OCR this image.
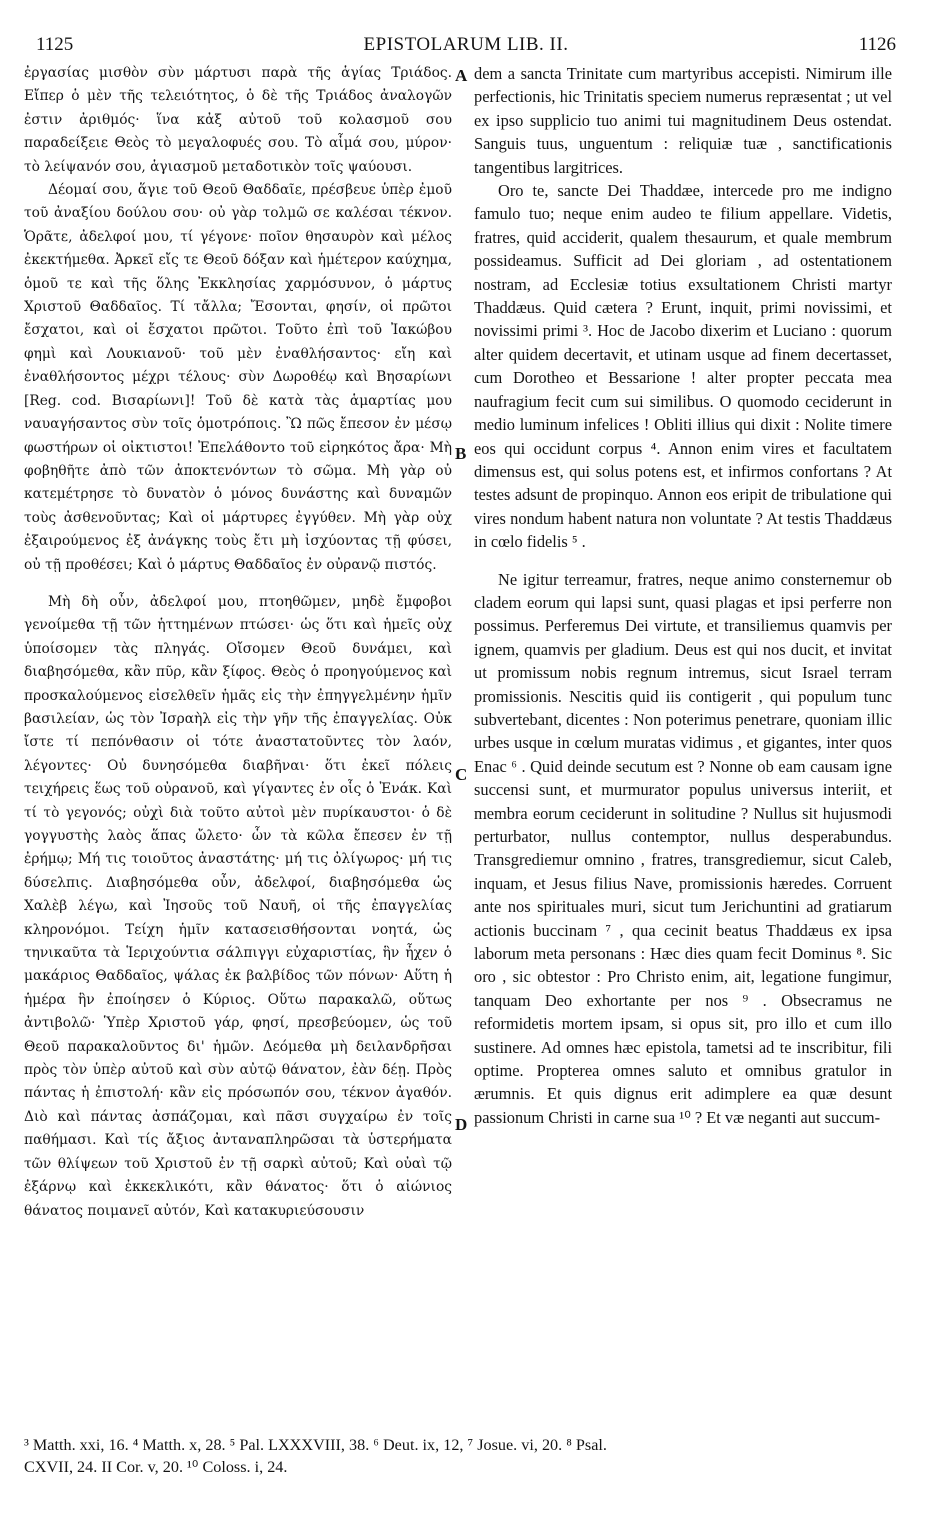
1125	EPISTOLARUM LIB. II.	1126

ἐργασίας μισθὸν σὺν μάρτυσι παρὰ τῆς ἁγίας Τριάδος. Εἴπερ ὁ μὲν τῆς τελειότητος, ὁ δὲ τῆς Τριάδος ἀναλογῶν ἐστιν ἀριθμός· ἵνα κἀξ αὐτοῦ τοῦ κολασμοῦ σου παραδείξειε Θεὸς τὸ μεγαλοφυές σου. Τὸ αἷμά σου, μύρον· τὸ λείψανόν σου, ἁγιασμοῦ μεταδοτικὸν τοῖς ψαύουσι.

Δέομαί σου, ἅγιε τοῦ Θεοῦ Θαδδαῖε, πρέσβευε ὑπὲρ ἐμοῦ τοῦ ἀναξίου δούλου σου· οὐ γὰρ τολμῶ σε καλέσαι τέκνον. Ὁρᾶτε, ἀδελφοί μου, τί γέγονε· ποῖον θησαυρὸν καὶ μέλος ἐκεκτήμεθα. Ἀρκεῖ εἴς τε Θεοῦ δόξαν καὶ ἡμέτερον καύχημα, ὁμοῦ τε καὶ τῆς ὅλης Ἐκκλησίας χαρμόσυνον, ὁ μάρτυς Χριστοῦ Θαδδαῖος. Τί τἄλλα; Ἔσονται, φησίν, οἱ πρῶτοι ἔσχατοι, καὶ οἱ ἔσχατοι πρῶτοι. Τοῦτο ἐπὶ τοῦ Ἰακώβου φημὶ καὶ Λουκιανοῦ· τοῦ μὲν ἐναθλήσαντος· εἴη καὶ ἐναθλήσοντος μέχρι τέλους· σὺν Δωροθέῳ καὶ Βησαρίωνι [Reg. cod. Βισαρίωνι]! Τοῦ δὲ κατὰ τὰς ἁμαρτίας μου ναυαγήσαντος σὺν τοῖς ὁμοτρόποις. Ὢ πῶς ἔπεσον ἐν μέσῳ φωστήρων οἱ οἰκτιστοι! Ἐπελάθοντο τοῦ εἰρηκότος ἄρα· Μὴ φοβηθῆτε ἀπὸ τῶν ἀποκτενόντων τὸ σῶμα. Μὴ γὰρ οὐ κατεμέτρησε τὸ δυνατὸν ὁ μόνος δυνάστης καὶ δυναμῶν τοὺς ἀσθενοῦντας; Καὶ οἱ μάρτυρες ἐγγύθεν. Μὴ γὰρ οὐχ ἐξαιρούμενος ἐξ ἀνάγκης τοὺς ἔτι μὴ ἰσχύοντας τῇ φύσει, οὐ τῇ προθέσει; Καὶ ὁ μάρτυς Θαδδαῖος ἐν οὐρανῷ πιστός.

Μὴ δὴ οὖν, ἀδελφοί μου, πτοηθῶμεν, μηδὲ ἔμφοβοι γενοίμεθα τῇ τῶν ἡττημένων πτώσει· ὡς ὅτι καὶ ἡμεῖς οὐχ ὑποίσομεν τὰς πληγάς. Οἴσομεν Θεοῦ δυνάμει, καὶ διαβησόμεθα, κἂν πῦρ, κἂν ξίφος. Θεὸς ὁ προηγούμενος καὶ προσκαλούμενος εἰσελθεῖν ἡμᾶς εἰς τὴν ἐπηγγελμένην ἡμῖν βασιλείαν, ὡς τὸν Ἰσραὴλ εἰς τὴν γῆν τῆς ἐπαγγελίας. Οὐκ ἴστε τί πεπόνθασιν οἱ τότε ἀναστατοῦντες τὸν λαόν, λέγοντες· Οὐ δυνησόμεθα διαβῆναι· ὅτι ἐκεῖ πόλεις τειχήρεις ἕως τοῦ οὐρανοῦ, καὶ γίγαντες ἐν οἷς ὁ Ἐνάκ. Καὶ τί τὸ γεγονός; οὐχὶ διὰ τοῦτο αὐτοὶ μὲν πυρίκαυστοι· ὁ δὲ γογγυστὴς λαὸς ἅπας ὤλετο· ὧν τὰ κῶλα ἔπεσεν ἐν τῇ ἐρήμῳ; Μή τις τοιοῦτος ἀναστάτης· μή τις ὀλίγωρος· μή τις δύσελπις. Διαβησόμεθα οὖν, ἀδελφοί, διαβησόμεθα ὡς Χαλὲβ λέγω, καὶ Ἰησοῦς τοῦ Ναυῆ, οἱ τῆς ἐπαγγελίας κληρονόμοι. Τείχη ἡμῖν κατασεισθήσονται νοητά, ὡς τηνικαῦτα τὰ Ἱεριχούντια σάλπιγγι εὐχαριστίας, ἣν ἦχεν ὁ μακάριος Θαδδαῖος, ψάλας ἐκ βαλβίδος τῶν πόνων· Αὕτη ἡ ἡμέρα ἣν ἐποίησεν ὁ Κύριος. Οὕτω παρακαλῶ, οὕτως ἀντιβολῶ· Ὑπὲρ Χριστοῦ γάρ, φησί, πρεσβεύομεν, ὡς τοῦ Θεοῦ παρακαλοῦντος δι' ἡμῶν. Δεόμεθα μὴ δειλανδρῆσαι πρὸς τὸν ὑπὲρ αὐτοῦ καὶ σὺν αὐτῷ θάνατον, ἐὰν δέῃ. Πρὸς πάντας ἡ ἐπιστολή· κἂν εἰς πρόσωπόν σου, τέκνον ἀγαθόν. Διὸ καὶ πάντας ἀσπάζομαι, καὶ πᾶσι συγχαίρω ἐν τοῖς παθήμασι. Καὶ τίς ἄξιος ἀνταναπληρῶσαι τὰ ὑστερήματα τῶν θλίψεων τοῦ Χριστοῦ ἐν τῇ σαρκὶ αὐτοῦ; Καὶ οὐαὶ τῷ ἐξάρνῳ καὶ ἐκκεκλικότι, κἂν θάνατος· ὅτι ὁ αἰώνιος θάνατος ποιμανεῖ αὐτόν, Καὶ κατακυριεύσουσιν

dem a sancta Trinitate cum martyribus accepisti. Nimirum ille perfectionis, hic Trinitatis speciem numerus repræsentat ; ut vel ex ipso supplicio tuo animi tui magnitudinem Deus ostendat. Sanguis tuus, unguentum : reliquiæ tuæ , sanctificationis tangentibus largitrices.

Oro te, sancte Dei Thaddæe, intercede pro me indigno famulo tuo; neque enim audeo te filium appellare. Videtis, fratres, quid acciderit, qualem thesaurum, et quale membrum possideamus. Sufficit ad Dei gloriam , ad ostentationem nostram, ad Ecclesiæ totius exsultationem Christi martyr Thaddæus. Quid cætera ? Erunt, inquit, primi novissimi, et novissimi primi ³. Hoc de Jacobo dixerim et Luciano : quorum alter quidem decertavit, et utinam usque ad finem decertasset, cum Dorotheo et Bessarione ! alter propter peccata mea naufragium fecit cum sui similibus. O quomodo ceciderunt in medio luminum infelices ! Obliti illius qui dixit : Nolite timere eos qui occidunt corpus ⁴. Annon enim vires et facultatem dimensus est, qui solus potens est, et infirmos confortans ? At testes adsunt de propinquo. Annon eos eripit de tribulatione qui vires nondum habent natura non voluntate ? At testis Thaddæus in cœlo fidelis ⁵ .

Ne igitur terreamur, fratres, neque animo consternemur ob cladem eorum qui lapsi sunt, quasi plagas et ipsi perferre non possimus. Perferemus Dei virtute, et transiliemus quamvis per ignem, quamvis per gladium. Deus est qui nos ducit, et invitat ut promissum nobis regnum intremus, sicut Israel terram promissionis. Nescitis quid iis contigerit , qui populum tunc subvertebant, dicentes : Non poterimus penetrare, quoniam illic urbes usque in cœlum muratas vidimus , et gigantes, inter quos Enac ⁶ . Quid deinde secutum est ? Nonne ob eam causam igne succensi sunt, et murmurator populus universus interiit, et membra eorum ceciderunt in solitudine ? Nullus sit hujusmodi perturbator, nullus contemptor, nullus desperabundus. Transgrediemur omnino , fratres, transgrediemur, sicut Caleb, inquam, et Jesus filius Nave, promissionis hæredes. Corruent ante nos spirituales muri, sicut tum Jerichuntini ad gratiarum actionis buccinam ⁷ , qua cecinit beatus Thaddæus ex ipsa laborum meta personans : Hæc dies quam fecit Dominus ⁸. Sic oro , sic obtestor : Pro Christo enim, ait, legatione fungimur, tanquam Deo exhortante per nos ⁹ . Obsecramus ne reformidetis mortem ipsam, si opus sit, pro illo et cum illo sustinere. Ad omnes hæc epistola, tametsi ad te inscribitur, fili optime. Propterea omnes saluto et omnibus gratulor in ærumnis. Et quis dignus erit adimplere ea quæ desunt passionum Christi in carne sua ¹⁰ ? Et væ neganti aut succum-

A
B
C
D
³ Matth. xxi, 16. ⁴ Matth. x, 28. ⁵ Pal. LXXXVIII, 38. ⁶ Deut. ix, 12, ⁷ Josue. vi, 20. ⁸ Psal.
CXVII, 24. II Cor. v, 20. ¹⁰ Coloss. i, 24.
